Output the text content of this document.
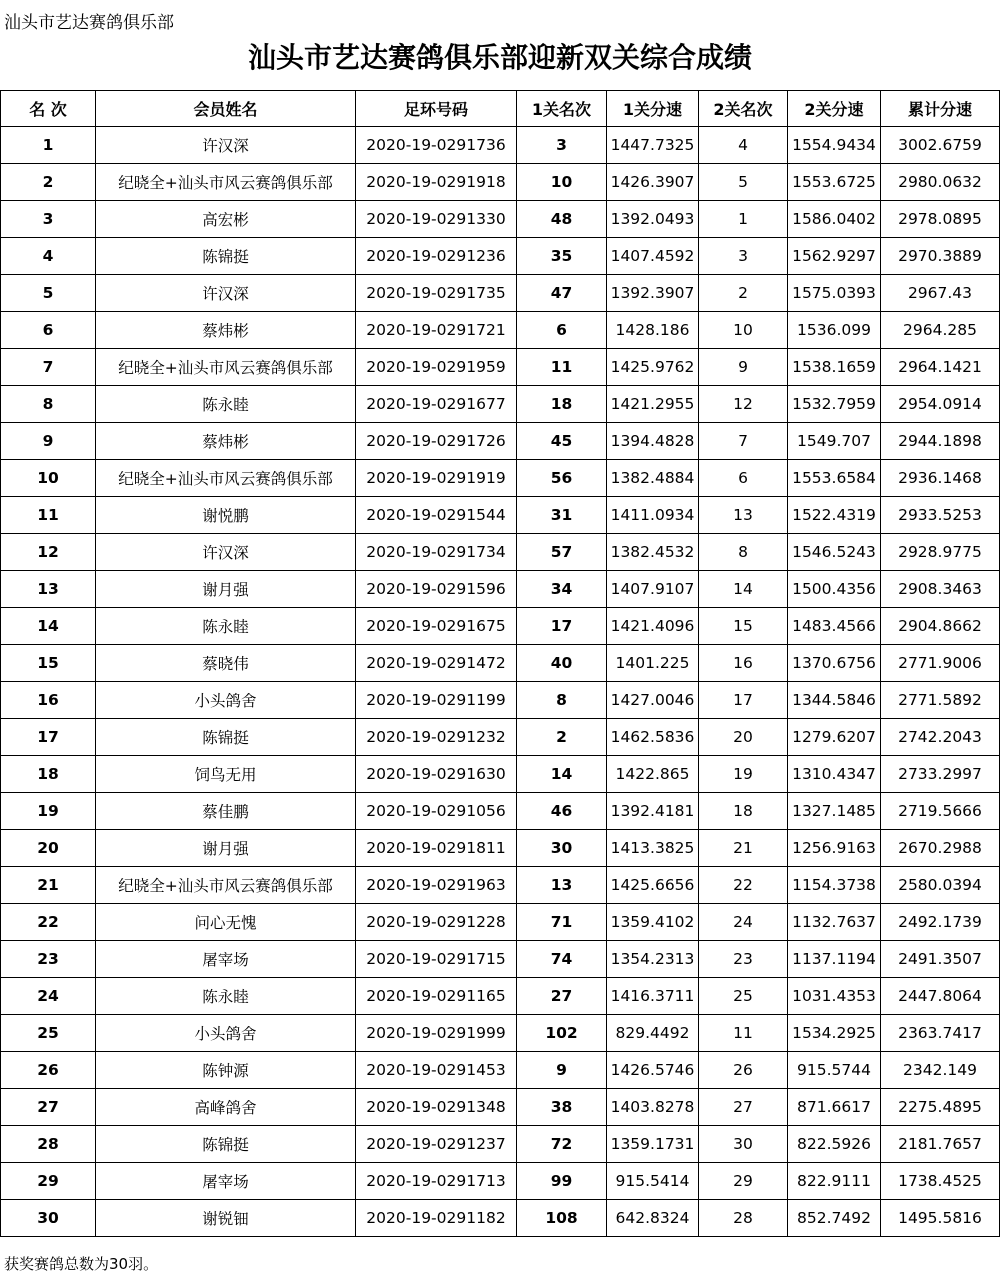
汕头市艺达赛鸽俱乐部
汕头市艺达赛鸽俱乐部迎新双关综合成绩
名 次	会员姓名	足环号码	1关名次	1关分速	2关名次	2关分速	累计分速
1	许汉深	2020-19-0291736	3	1447.7325	4	1554.9434	3002.6759
2	纪晓全+汕头市风云赛鸽俱乐部	2020-19-0291918	10	1426.3907	5	1553.6725	2980.0632
3	高宏彬	2020-19-0291330	48	1392.0493	1	1586.0402	2978.0895
4	陈锦挺	2020-19-0291236	35	1407.4592	3	1562.9297	2970.3889
5	许汉深	2020-19-0291735	47	1392.3907	2	1575.0393	2967.43
6	蔡炜彬	2020-19-0291721	6	1428.186	10	1536.099	2964.285
7	纪晓全+汕头市风云赛鸽俱乐部	2020-19-0291959	11	1425.9762	9	1538.1659	2964.1421
8	陈永睦	2020-19-0291677	18	1421.2955	12	1532.7959	2954.0914
9	蔡炜彬	2020-19-0291726	45	1394.4828	7	1549.707	2944.1898
10	纪晓全+汕头市风云赛鸽俱乐部	2020-19-0291919	56	1382.4884	6	1553.6584	2936.1468
11	谢悦鹏	2020-19-0291544	31	1411.0934	13	1522.4319	2933.5253
12	许汉深	2020-19-0291734	57	1382.4532	8	1546.5243	2928.9775
13	谢月强	2020-19-0291596	34	1407.9107	14	1500.4356	2908.3463
14	陈永睦	2020-19-0291675	17	1421.4096	15	1483.4566	2904.8662
15	蔡晓伟	2020-19-0291472	40	1401.225	16	1370.6756	2771.9006
16	小头鸽舍	2020-19-0291199	8	1427.0046	17	1344.5846	2771.5892
17	陈锦挺	2020-19-0291232	2	1462.5836	20	1279.6207	2742.2043
18	饲鸟无用	2020-19-0291630	14	1422.865	19	1310.4347	2733.2997
19	蔡佳鹏	2020-19-0291056	46	1392.4181	18	1327.1485	2719.5666
20	谢月强	2020-19-0291811	30	1413.3825	21	1256.9163	2670.2988
21	纪晓全+汕头市风云赛鸽俱乐部	2020-19-0291963	13	1425.6656	22	1154.3738	2580.0394
22	问心无愧	2020-19-0291228	71	1359.4102	24	1132.7637	2492.1739
23	屠宰场	2020-19-0291715	74	1354.2313	23	1137.1194	2491.3507
24	陈永睦	2020-19-0291165	27	1416.3711	25	1031.4353	2447.8064
25	小头鸽舍	2020-19-0291999	102	829.4492	11	1534.2925	2363.7417
26	陈钟源	2020-19-0291453	9	1426.5746	26	915.5744	2342.149
27	高峰鸽舍	2020-19-0291348	38	1403.8278	27	871.6617	2275.4895
28	陈锦挺	2020-19-0291237	72	1359.1731	30	822.5926	2181.7657
29	屠宰场	2020-19-0291713	99	915.5414	29	822.9111	1738.4525
30	谢锐钿	2020-19-0291182	108	642.8324	28	852.7492	1495.5816
获奖赛鸽总数为30羽。
